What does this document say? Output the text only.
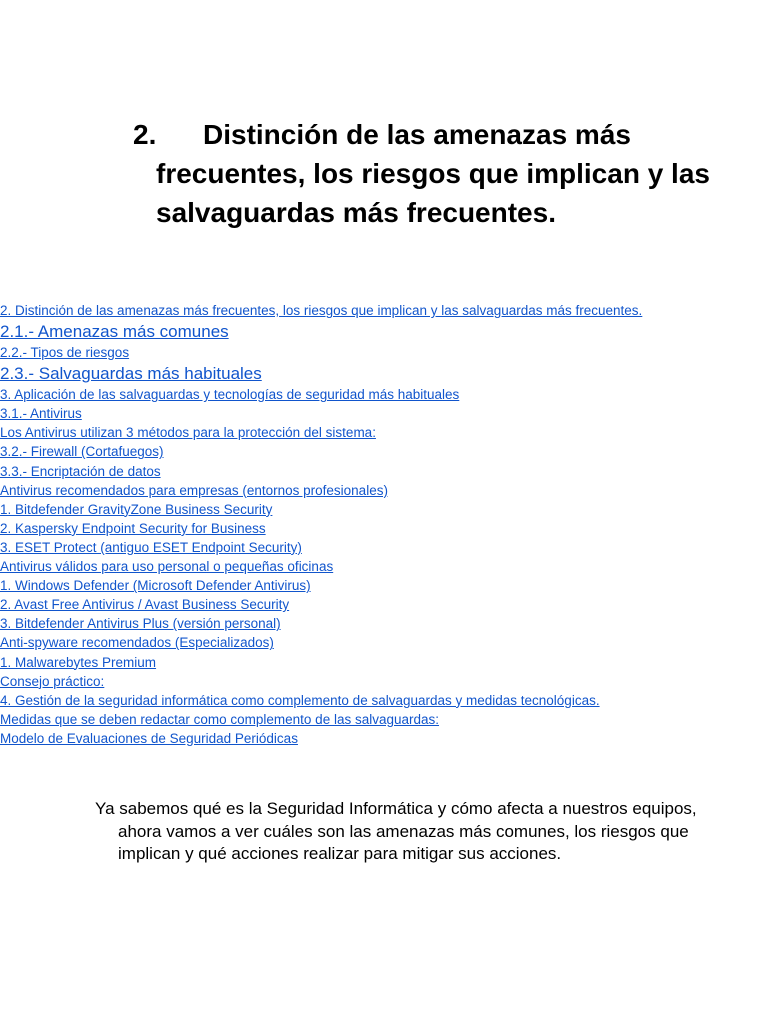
2. Distinción de las amenazas más frecuentes, los riesgos que implican y las salvaguardas más frecuentes.
2. Distinción de las amenazas más frecuentes, los riesgos que implican y las salvaguardas más frecuentes.
2.1.- Amenazas más comunes
2.2.- Tipos de riesgos
2.3.- Salvaguardas más habituales
3. Aplicación de las salvaguardas y tecnologías de seguridad más habituales
3.1.- Antivirus
Los Antivirus utilizan 3 métodos para la protección del sistema:
3.2.- Firewall (Cortafuegos)
3.3.- Encriptación de datos
Antivirus recomendados para empresas (entornos profesionales)
1. Bitdefender GravityZone Business Security
2. Kaspersky Endpoint Security for Business
3. ESET Protect (antiguo ESET Endpoint Security)
Antivirus válidos para uso personal o pequeñas oficinas
1. Windows Defender (Microsoft Defender Antivirus)
2. Avast Free Antivirus / Avast Business Security
3. Bitdefender Antivirus Plus (versión personal)
Anti-spyware recomendados (Especializados)
1. Malwarebytes Premium
Consejo práctico:
4. Gestión de la seguridad informática como complemento de salvaguardas y medidas tecnológicas.
Medidas que se deben redactar como complemento de las salvaguardas:
Modelo de Evaluaciones de Seguridad Periódicas

Ya sabemos qué es la Seguridad Informática y cómo afecta a nuestros equipos, ahora vamos a ver cuáles son las amenazas más comunes, los riesgos que implican y qué acciones realizar para mitigar sus acciones.
